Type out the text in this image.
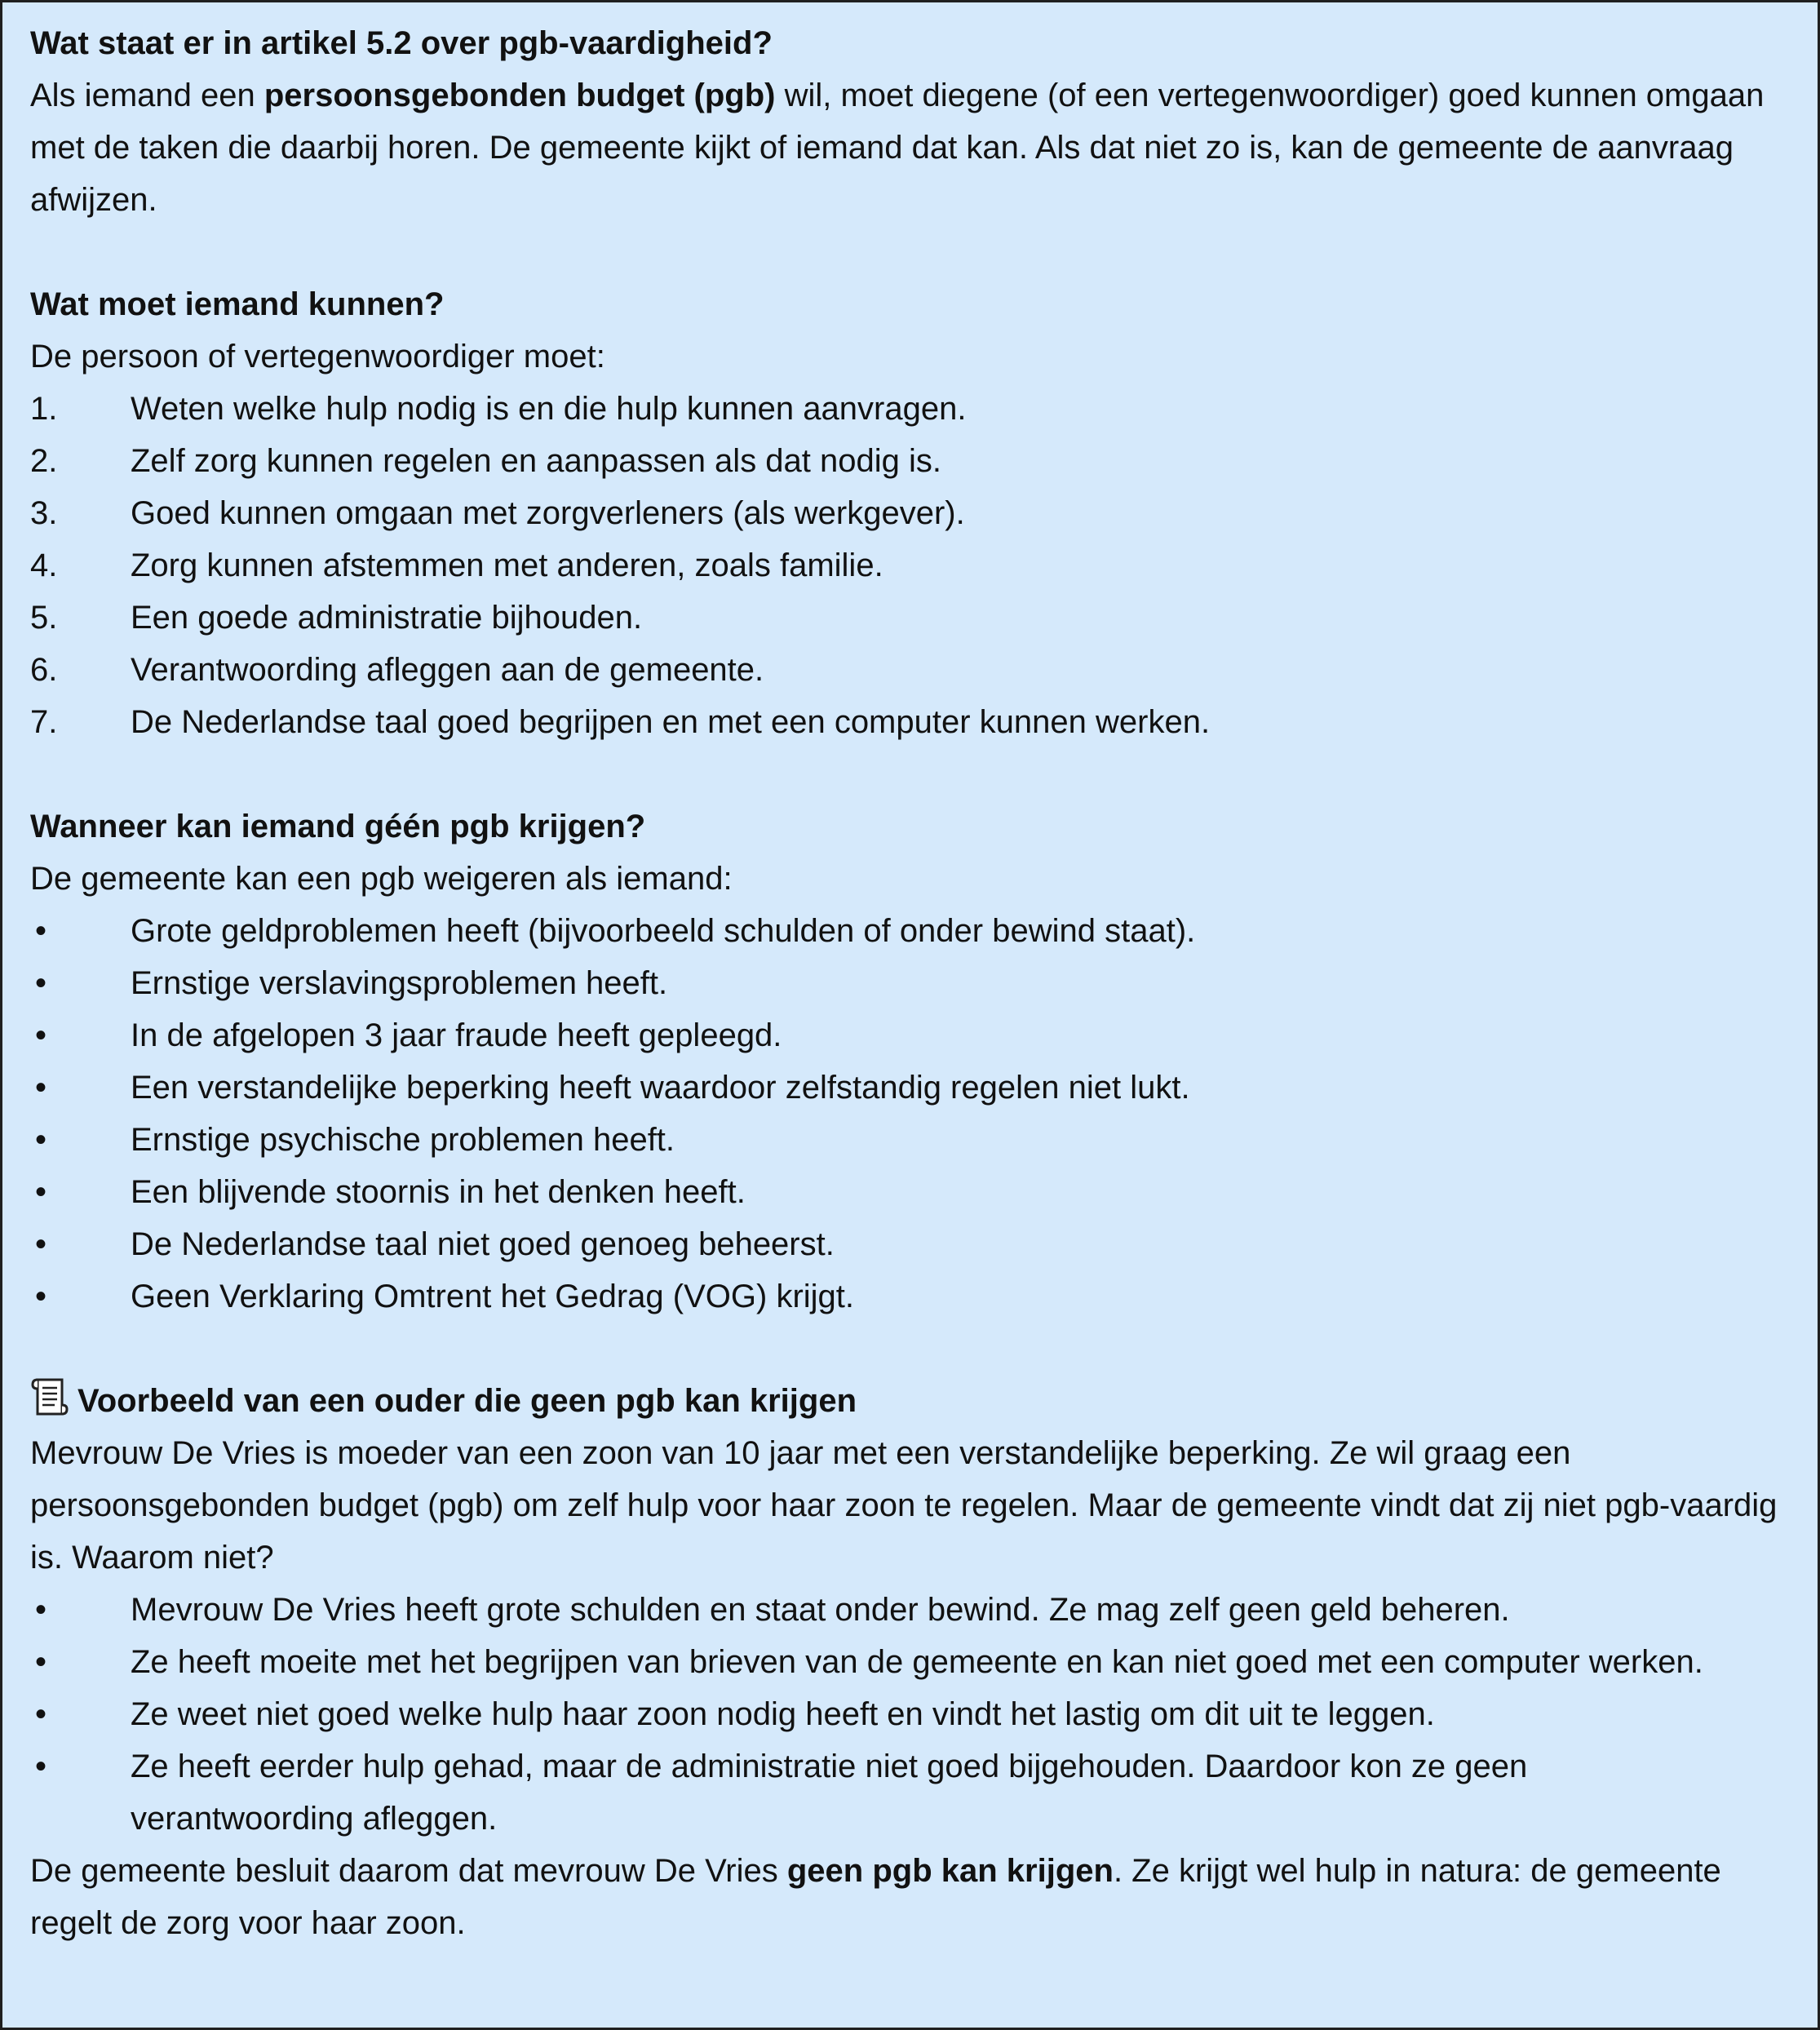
Wat staat er in artikel 5.2 over pgb-vaardigheid?
Als iemand een persoonsgebonden budget (pgb) wil, moet diegene (of een vertegenwoordiger) goed kunnen omgaan met de taken die daarbij horen. De gemeente kijkt of iemand dat kan. Als dat niet zo is, kan de gemeente de aanvraag afwijzen.
Wat moet iemand kunnen?
De persoon of vertegenwoordiger moet:
1.	Weten welke hulp nodig is en die hulp kunnen aanvragen.
2.	Zelf zorg kunnen regelen en aanpassen als dat nodig is.
3.	Goed kunnen omgaan met zorgverleners (als werkgever).
4.	Zorg kunnen afstemmen met anderen, zoals familie.
5.	Een goede administratie bijhouden.
6.	Verantwoording afleggen aan de gemeente.
7.	De Nederlandse taal goed begrijpen en met een computer kunnen werken.
Wanneer kan iemand géén pgb krijgen?
De gemeente kan een pgb weigeren als iemand:
•	Grote geldproblemen heeft (bijvoorbeeld schulden of onder bewind staat).
•	Ernstige verslavingsproblemen heeft.
•	In de afgelopen 3 jaar fraude heeft gepleegd.
•	Een verstandelijke beperking heeft waardoor zelfstandig regelen niet lukt.
•	Ernstige psychische problemen heeft.
•	Een blijvende stoornis in het denken heeft.
•	De Nederlandse taal niet goed genoeg beheerst.
•	Geen Verklaring Omtrent het Gedrag (VOG) krijgt.
Voorbeeld van een ouder die geen pgb kan krijgen
Mevrouw De Vries is moeder van een zoon van 10 jaar met een verstandelijke beperking. Ze wil graag een persoonsgebonden budget (pgb) om zelf hulp voor haar zoon te regelen. Maar de gemeente vindt dat zij niet pgb-vaardig is. Waarom niet?
•	Mevrouw De Vries heeft grote schulden en staat onder bewind. Ze mag zelf geen geld beheren.
•	Ze heeft moeite met het begrijpen van brieven van de gemeente en kan niet goed met een computer werken.
•	Ze weet niet goed welke hulp haar zoon nodig heeft en vindt het lastig om dit uit te leggen.
•	Ze heeft eerder hulp gehad, maar de administratie niet goed bijgehouden. Daardoor kon ze geen verantwoording afleggen.
De gemeente besluit daarom dat mevrouw De Vries geen pgb kan krijgen. Ze krijgt wel hulp in natura: de gemeente regelt de zorg voor haar zoon.
